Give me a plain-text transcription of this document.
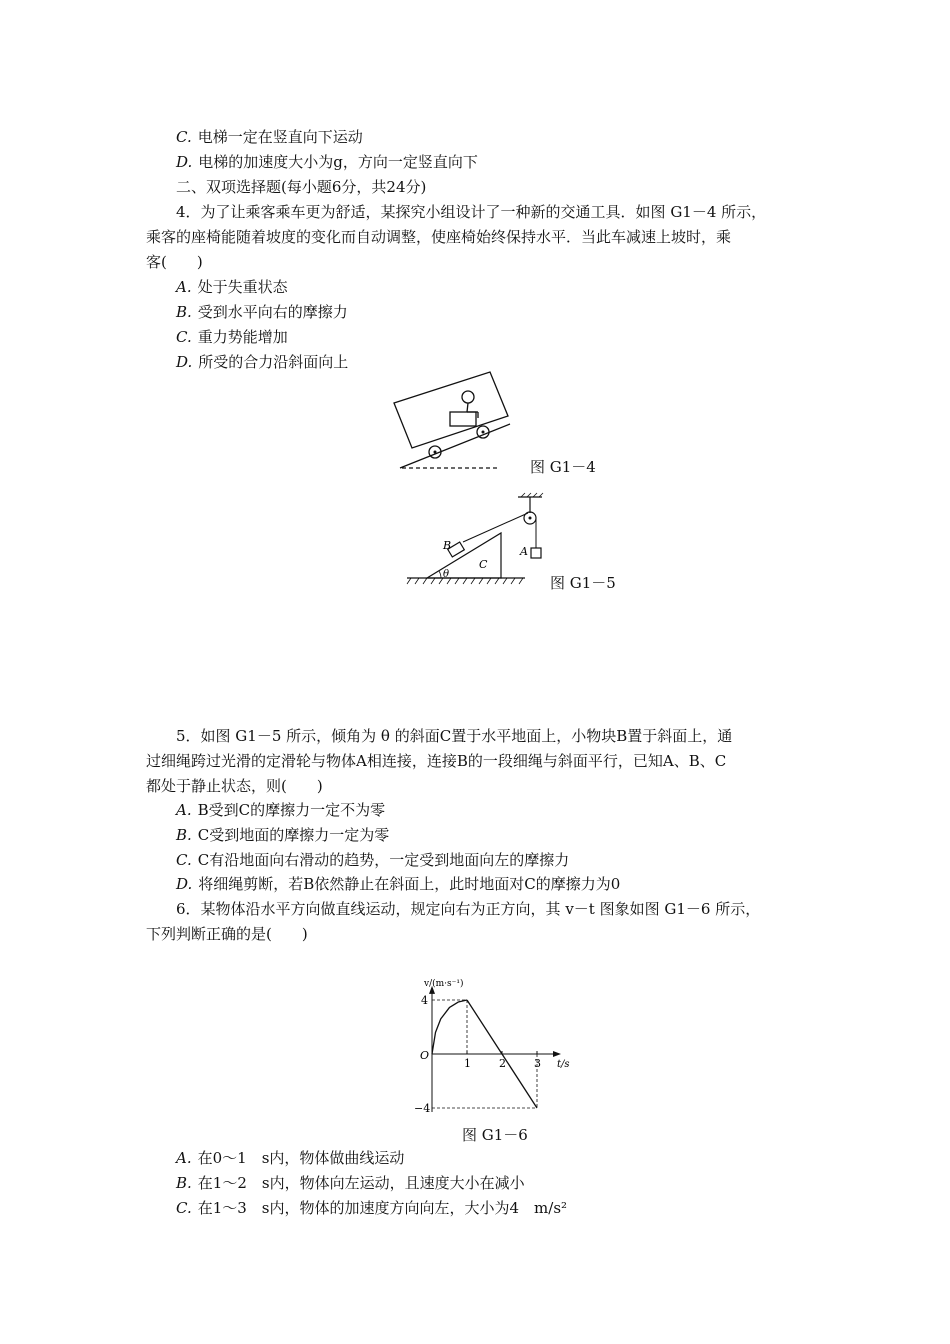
C. 电梯一定在竖直向下运动
D. 电梯的加速度大小为g，方向一定竖直向下
二、双项选择题(每小题6分，共24分)
4．为了让乘客乘车更为舒适，某探究小组设计了一种新的交通工具．如图 G1－4 所示，
乘客的座椅能随着坡度的变化而自动调整，使座椅始终保持水平．当此车减速上坡时，乘
客(　　)
A. 处于失重状态
B. 受到水平向右的摩擦力
C. 重力势能增加
D. 所受的合力沿斜面向上
图 G1－4
B
C
A
θ	图 G1－5
5．如图 G1－5 所示，倾角为 θ 的斜面C置于水平地面上，小物块B置于斜面上，通
过细绳跨过光滑的定滑轮与物体A相连接，连接B的一段细绳与斜面平行，已知A、B、C
都处于静止状态，则(　　)
A. B受到C的摩擦力一定不为零
B. C受到地面的摩擦力一定为零
C. C有沿地面向右滑动的趋势，一定受到地面向左的摩擦力
D. 将细绳剪断，若B依然静止在斜面上，此时地面对C的摩擦力为0
6．某物体沿水平方向做直线运动，规定向右为正方向，其 v－t 图象如图 G1－6 所示，
下列判断正确的是(　　)
1	2	3
4
−4
O
t/s
v/(m·s⁻¹)
图 G1－6
A. 在0～1　s内，物体做曲线运动
B. 在1～2　s内，物体向左运动，且速度大小在减小
C. 在1～3　s内，物体的加速度方向向左，大小为4　m/s²
